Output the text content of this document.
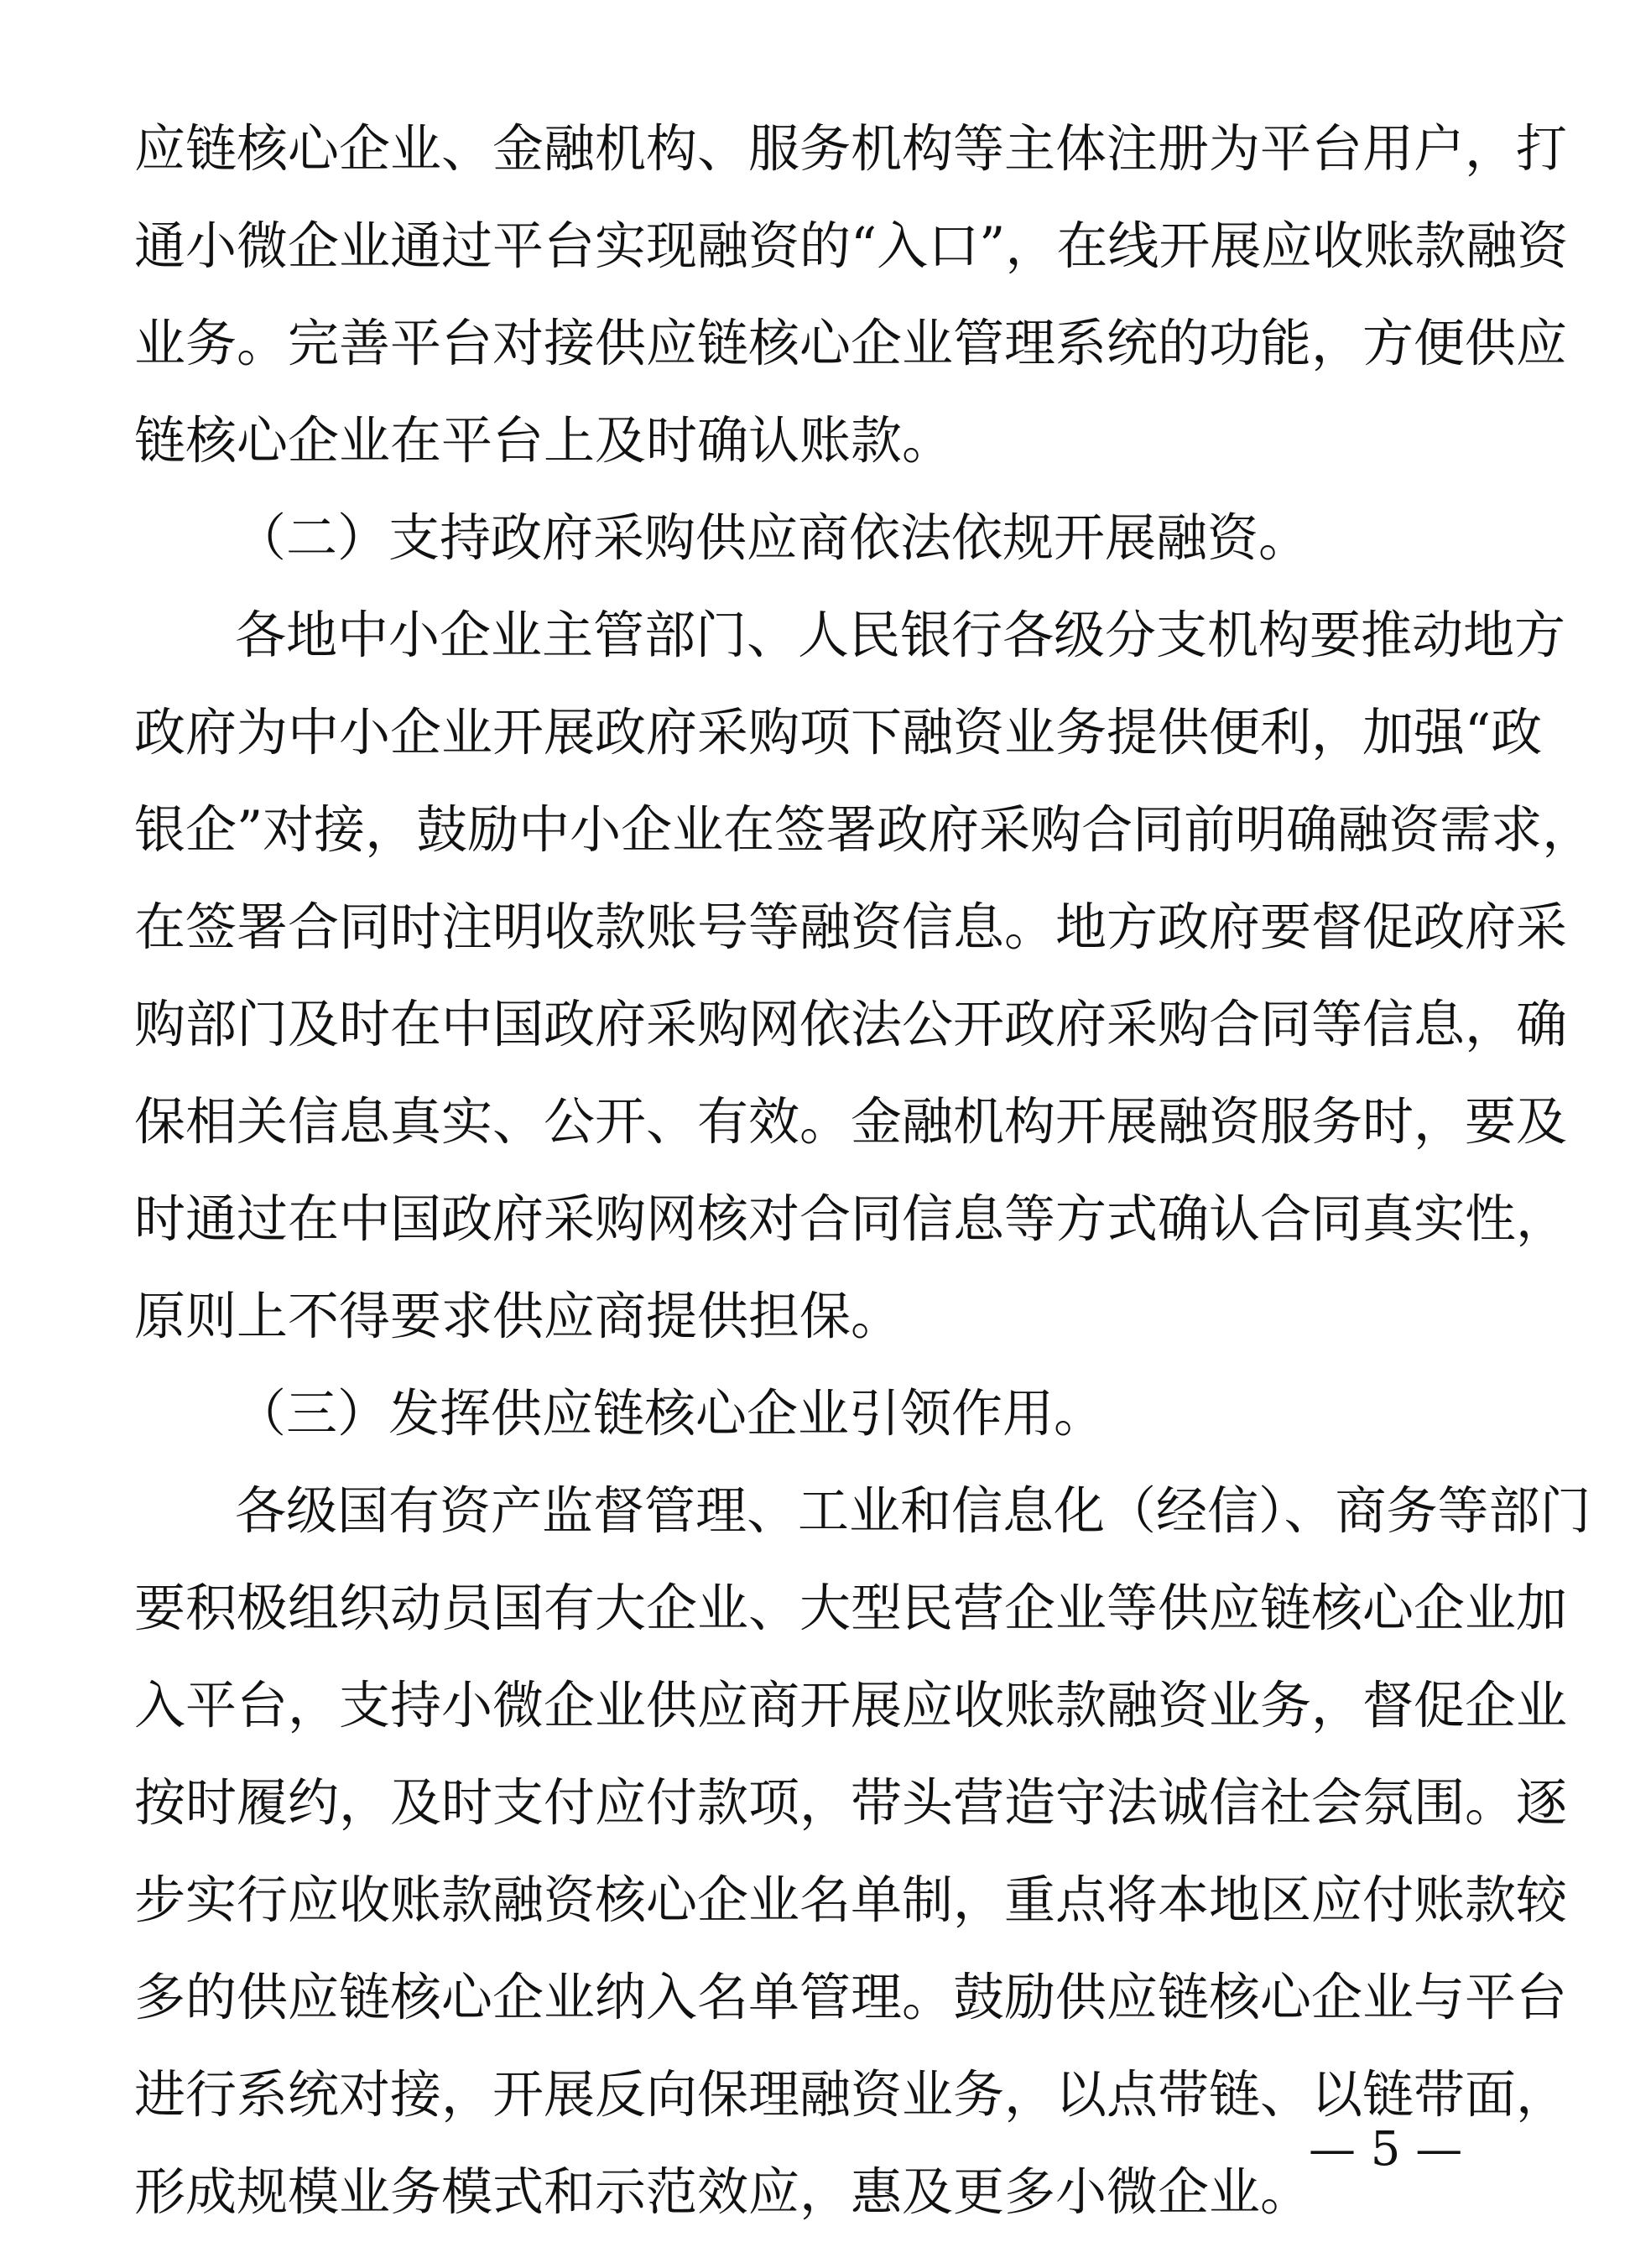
应链核心企业、金融机构、服务机构等主体注册为平台用户，打
通小微企业通过平台实现融资的“入口”，在线开展应收账款融资
业务。完善平台对接供应链核心企业管理系统的功能，方便供应
链核心企业在平台上及时确认账款。
（二）支持政府采购供应商依法依规开展融资。
各地中小企业主管部门、人民银行各级分支机构要推动地方
政府为中小企业开展政府采购项下融资业务提供便利，加强“政
银企”对接，鼓励中小企业在签署政府采购合同前明确融资需求，
在签署合同时注明收款账号等融资信息。地方政府要督促政府采
购部门及时在中国政府采购网依法公开政府采购合同等信息，确
保相关信息真实、公开、有效。金融机构开展融资服务时，要及
时通过在中国政府采购网核对合同信息等方式确认合同真实性，
原则上不得要求供应商提供担保。
（三）发挥供应链核心企业引领作用。
各级国有资产监督管理、工业和信息化（经信）、商务等部门
要积极组织动员国有大企业、大型民营企业等供应链核心企业加
入平台，支持小微企业供应商开展应收账款融资业务，督促企业
按时履约，及时支付应付款项，带头营造守法诚信社会氛围。逐
步实行应收账款融资核心企业名单制，重点将本地区应付账款较
多的供应链核心企业纳入名单管理。鼓励供应链核心企业与平台
进行系统对接，开展反向保理融资业务，以点带链、以链带面，
形成规模业务模式和示范效应，惠及更多小微企业。
— 5 —
